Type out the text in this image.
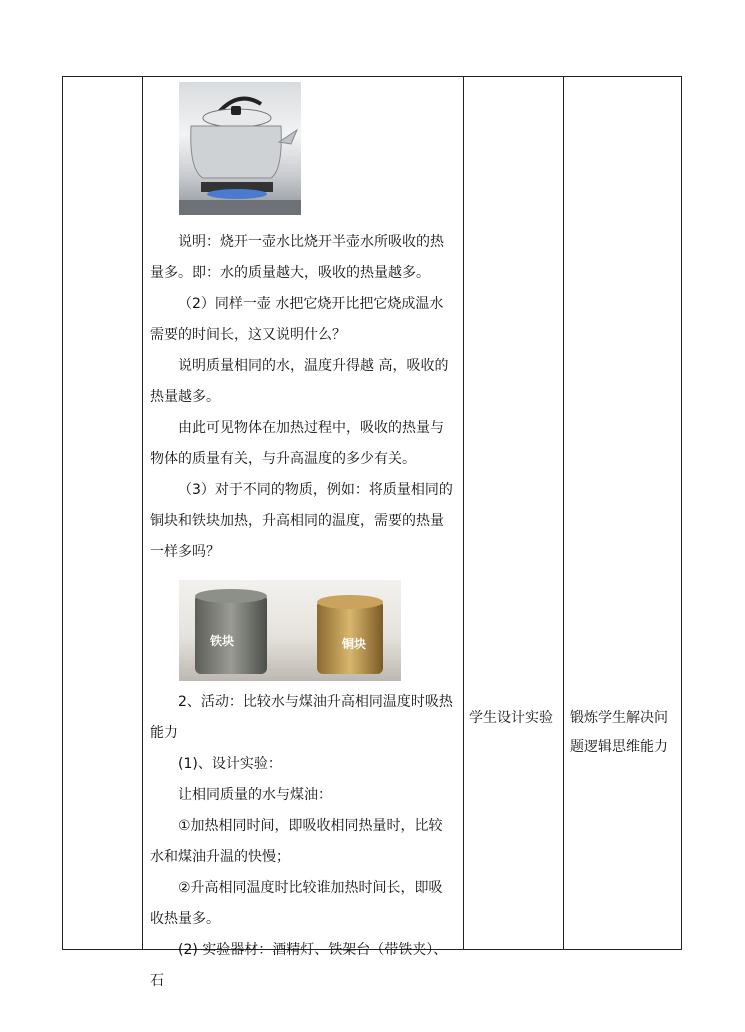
说明：烧开一壶水比烧开半壶水所吸收的热量多。即：水的质量越大，吸收的热量越多。

（2）同样一壶 水把它烧开比把它烧成温水需要的时间长，这又说明什么？

说明质量相同的水，温度升得越 高，吸收的热量越多。

由此可见物体在加热过程中，吸收的热量与物体的质量有关，与升高温度的多少有关。

（3）对于不同的物质，例如：将质量相同的铜块和铁块加热，升高相同的温度，需要的热量一样多吗？

铁块	铜块

2、活动：比较水与煤油升高相同温度时吸热能力

(1)、设计实验：

让相同质量的水与煤油：

①加热相同时间，即吸收相同热量时，比较水和煤油升温的快慢；

②升高相同温度时比较谁加热时间长，即吸收热量多。

(2) 实验器材：酒精灯、铁架台（带铁夹）、石

学生设计实验	锻炼学生解决问题逻辑思维能力
